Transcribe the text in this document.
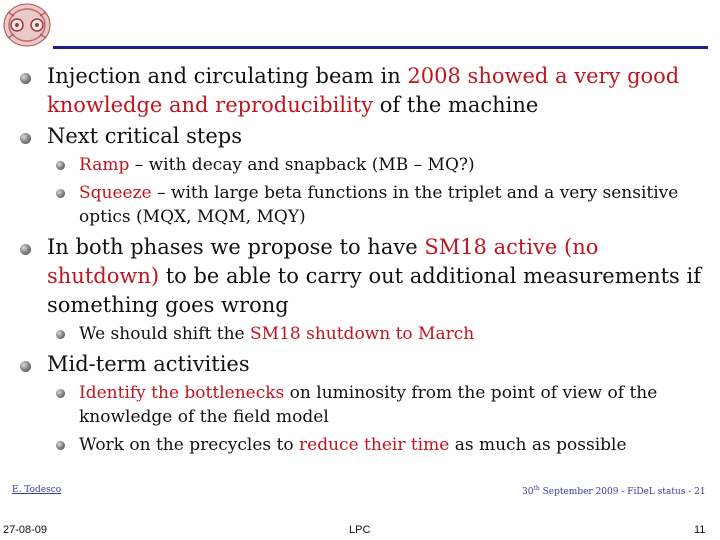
Injection and circulating beam in 2008 showed a very good knowledge and reproducibility of the machine
Next critical steps
Ramp – with decay and snapback (MB – MQ?)
Squeeze – with large beta functions in the triplet and a very sensitive optics (MQX, MQM, MQY)
In both phases we propose to have SM18 active (no shutdown) to be able to carry out additional measurements if something goes wrong
We should shift the SM18 shutdown to March
Mid-term activities
Identify the bottlenecks on luminosity from the point of view of the knowledge of the field model
Work on the precycles to reduce their time as much as possible
E. Todesco	30th September 2009 - FiDeL status - 21
27-08-09	LPC	11
